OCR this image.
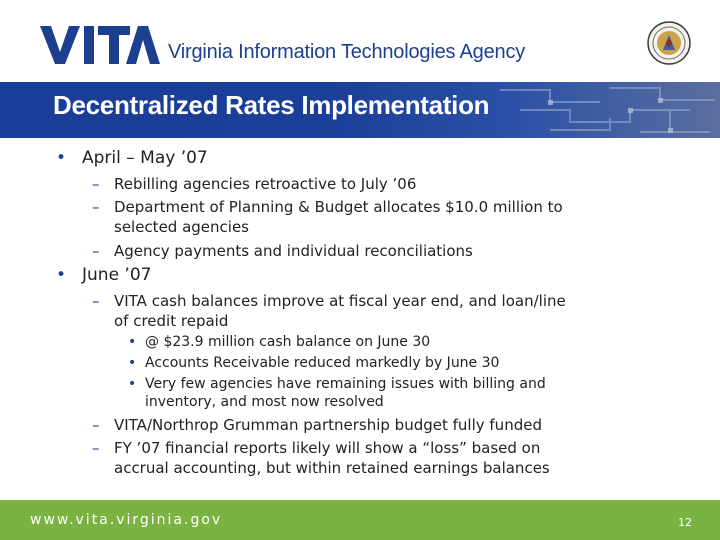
Virginia Information Technologies Agency
Decentralized Rates Implementation
• April – May ’07
– Rebilling agencies retroactive to July ’06
– Department of Planning & Budget allocates $10.0 million to
selected agencies
– Agency payments and individual reconciliations
• June ’07
– VITA cash balances improve at fiscal year end, and loan/line
of credit repaid
• @ $23.9 million cash balance on June 30
• Accounts Receivable reduced markedly by June 30
• Very few agencies have remaining issues with billing and
inventory, and most now resolved
– VITA/Northrop Grumman partnership budget fully funded
– FY ’07 financial reports likely will show a “loss” based on
accrual accounting, but within retained earnings balances
www.vita.virginia.gov	12
